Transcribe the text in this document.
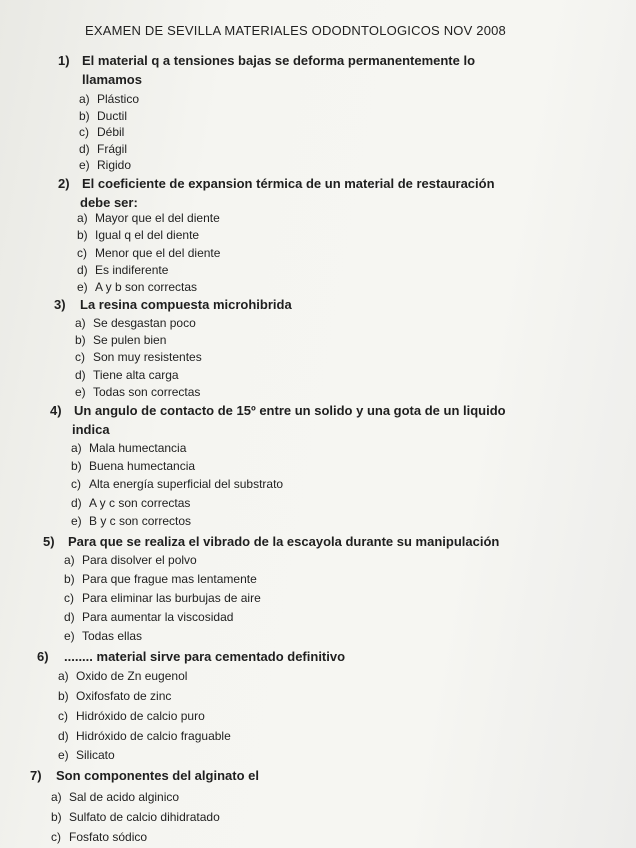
EXAMEN DE SEVILLA MATERIALES ODODNTOLOGICOS NOV 2008
1) El material q a tensiones bajas se deforma permanentemente lo
llamamos
a) Plástico
b) Ductil
c) Débil
d) Frágil
e) Rigido
2) El coeficiente de expansion térmica de un material de restauración
debe ser:
a) Mayor que el del diente
b) Igual q el del diente
c) Menor que el del diente
d) Es indiferente
e) A y b son correctas
3) La resina compuesta microhibrida
a) Se desgastan poco
b) Se pulen bien
c) Son muy resistentes
d) Tiene alta carga
e) Todas son correctas
4) Un angulo de contacto de 15º entre un solido y una gota de un liquido
indica
a) Mala humectancia
b) Buena humectancia
c) Alta energía superficial del substrato
d) A y c son correctas
e) B y c son correctos
5) Para que se realiza el vibrado de la escayola durante su manipulación
a) Para disolver el polvo
b) Para que frague mas lentamente
c) Para eliminar las burbujas de aire
d) Para aumentar la viscosidad
e) Todas ellas
6) ........ material sirve para cementado definitivo
a) Oxido de Zn eugenol
b) Oxifosfato de zinc
c) Hidróxido de calcio puro
d) Hidróxido de calcio fraguable
e) Silicato
7) Son componentes del alginato el
a) Sal de acido alginico
b) Sulfato de calcio dihidratado
c) Fosfato sódico
